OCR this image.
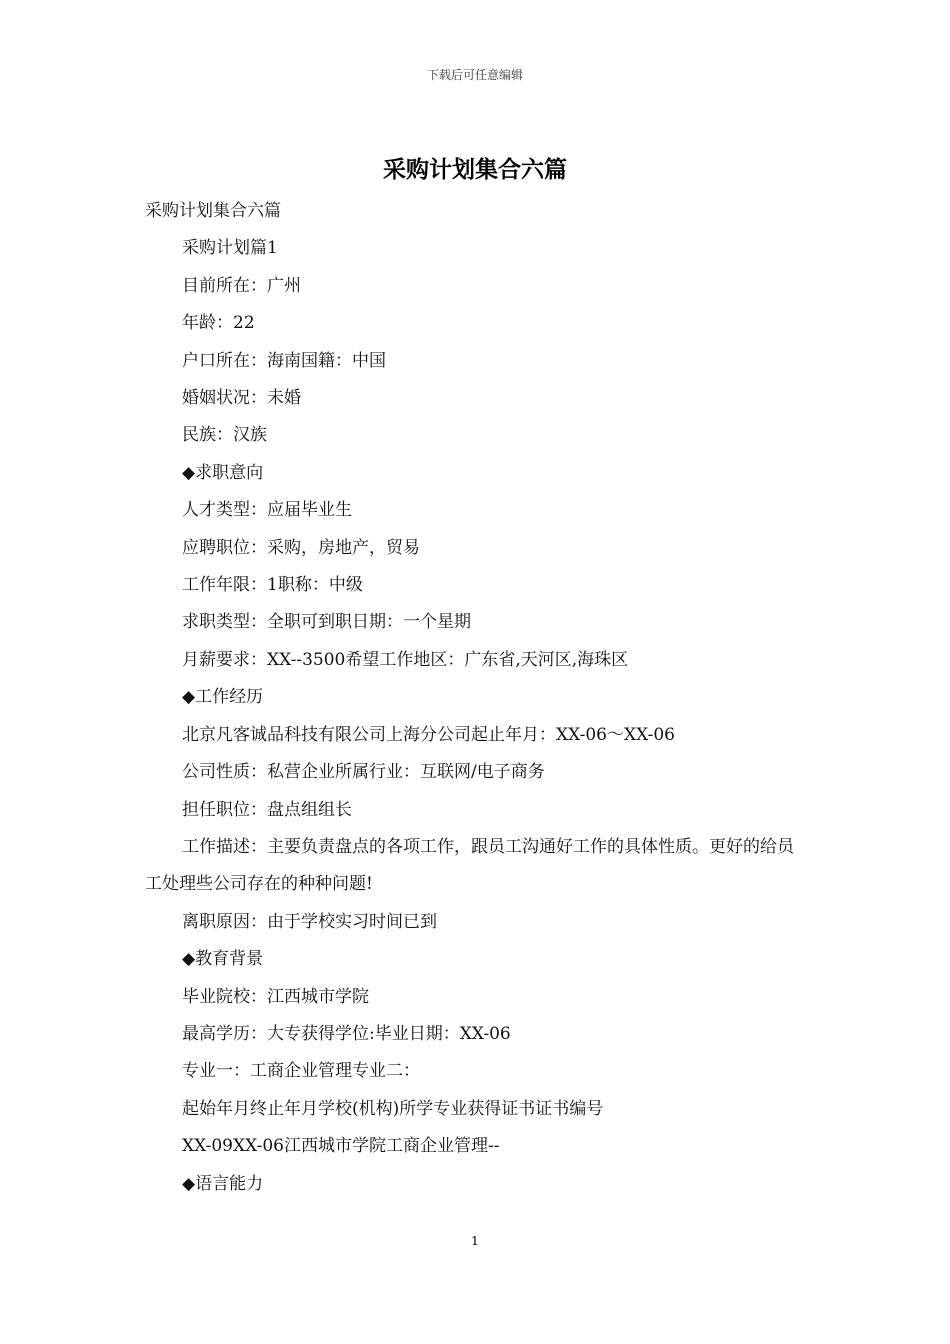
下载后可任意编辑
采购计划集合六篇

采购计划集合六篇

采购计划篇1

目前所在：广州

年龄：22

户口所在：海南国籍：中国

婚姻状况：未婚

民族：汉族

◆求职意向

人才类型：应届毕业生

应聘职位：采购，房地产，贸易

工作年限：1职称：中级

求职类型：全职可到职日期：一个星期

月薪要求：XX--3500希望工作地区：广东省,天河区,海珠区

◆工作经历

北京凡客诚品科技有限公司上海分公司起止年月：XX-06～XX-06

公司性质：私营企业所属行业：互联网/电子商务

担任职位：盘点组组长

工作描述：主要负责盘点的各项工作，跟员工沟通好工作的具体性质。更好的给员工处理些公司存在的种种问题!

离职原因：由于学校实习时间已到

◆教育背景

毕业院校：江西城市学院

最高学历：大专获得学位:毕业日期：XX-06

专业一：工商企业管理专业二：

起始年月终止年月学校(机构)所学专业获得证书证书编号

XX-09XX-06江西城市学院工商企业管理--

◆语言能力

1
